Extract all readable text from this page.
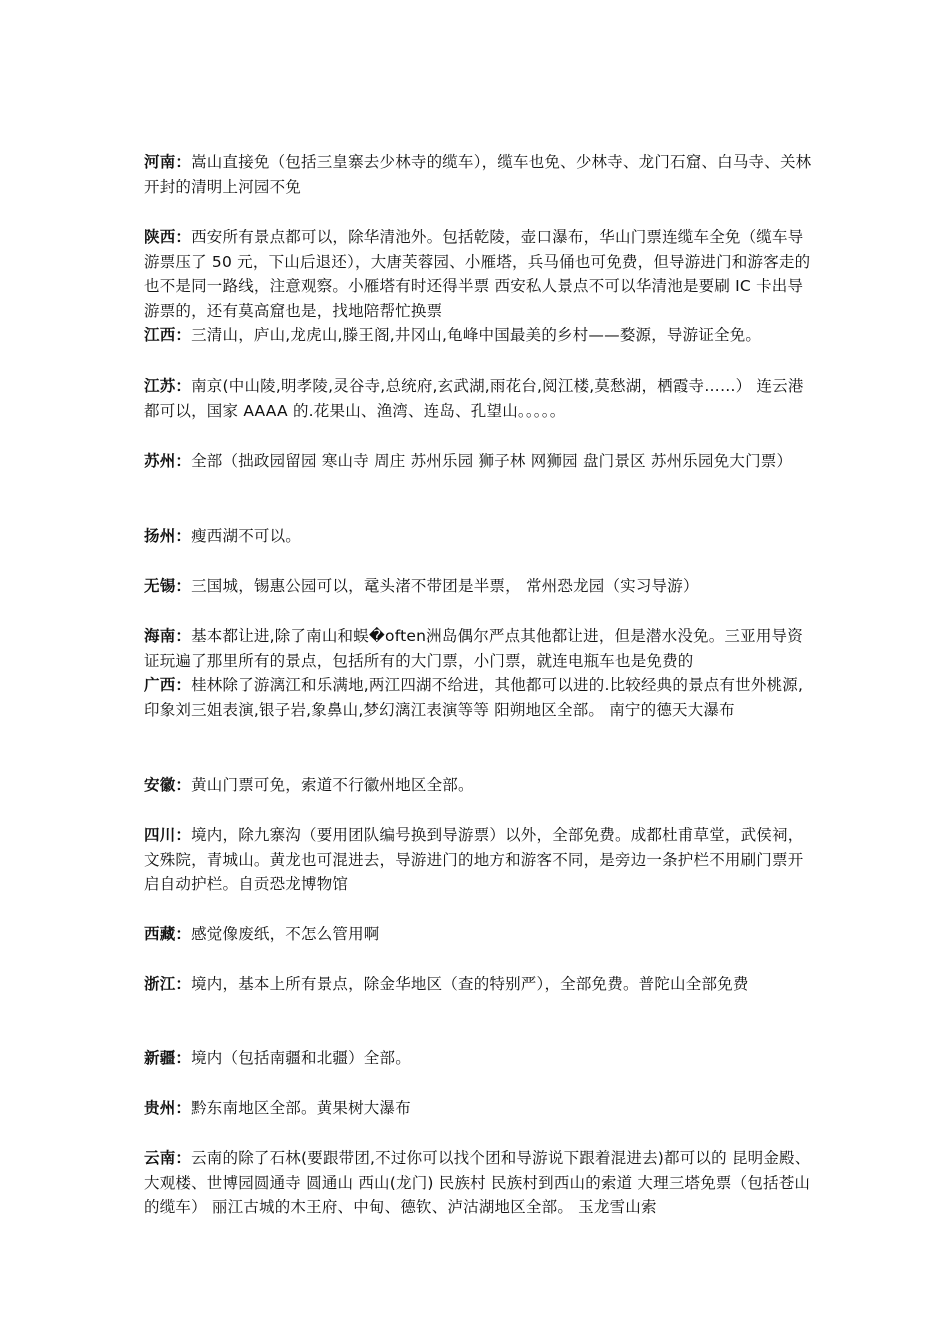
河南：嵩山直接免（包括三皇寨去少林寺的缆车），缆车也免、少林寺、龙门石窟、白马寺、关林开封的清明上河园不免

陕西：西安所有景点都可以，除华清池外。包括乾陵，壶口瀑布，华山门票连缆车全免（缆车导游票压了 50 元，下山后退还），大唐芙蓉园、小雁塔，兵马俑也可免费，但导游进门和游客走的也不是同一路线，注意观察。小雁塔有时还得半票 西安私人景点不可以华清池是要刷 IC 卡出导游票的，还有莫高窟也是，找地陪帮忙换票

江西：三清山，庐山,龙虎山,滕王阁,井冈山,龟峰中国最美的乡村——婺源，导游证全免。

江苏：南京(中山陵,明孝陵,灵谷寺,总统府,玄武湖,雨花台,阅江楼,莫愁湖，栖霞寺……） 连云港都可以，国家 AAAA 的.花果山、渔湾、连岛、孔望山。。。。。

苏州：全部（拙政园留园 寒山寺 周庄 苏州乐园 狮子林 网狮园 盘门景区 苏州乐园免大门票）

扬州：瘦西湖不可以。

无锡：三国城，锡惠公园可以，鼋头渚不带团是半票， 常州恐龙园（实习导游）

海南：基本都让进,除了南山和蜈�often洲岛偶尔严点其他都让进，但是潜水没免。三亚用导资证玩遍了那里所有的景点，包括所有的大门票，小门票，就连电瓶车也是免费的

广西：桂林除了游漓江和乐满地,两江四湖不给进，其他都可以进的.比较经典的景点有世外桃源,印象刘三姐表演,银子岩,象鼻山,梦幻漓江表演等等 阳朔地区全部。 南宁的德天大瀑布

安徽：黄山门票可免，索道不行徽州地区全部。

四川：境内，除九寨沟（要用团队编号换到导游票）以外，全部免费。成都杜甫草堂，武侯祠，文殊院，青城山。黄龙也可混进去，导游进门的地方和游客不同，是旁边一条护栏不用刷门票开启自动护栏。自贡恐龙博物馆

西藏：感觉像废纸，不怎么管用啊

浙江：境内，基本上所有景点，除金华地区（查的特别严），全部免费。普陀山全部免费

新疆：境内（包括南疆和北疆）全部。

贵州：黔东南地区全部。黄果树大瀑布

云南：云南的除了石林(要跟带团,不过你可以找个团和导游说下跟着混进去)都可以的 昆明金殿、大观楼、世博园圆通寺 圆通山 西山(龙门) 民族村 民族村到西山的索道 大理三塔免票（包括苍山的缆车） 丽江古城的木王府、中甸、德钦、泸沽湖地区全部。 玉龙雪山索
